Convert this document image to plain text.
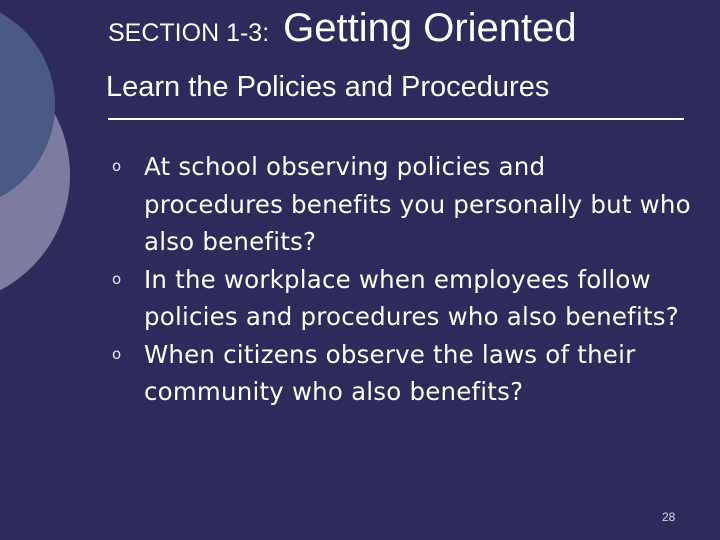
SECTION 1-3: Getting Oriented
Learn the Policies and Procedures
o At school observing policies and procedures benefits you personally but who also benefits?
o In the workplace when employees follow policies and procedures who also benefits?
o When citizens observe the laws of their community who also benefits?
28
